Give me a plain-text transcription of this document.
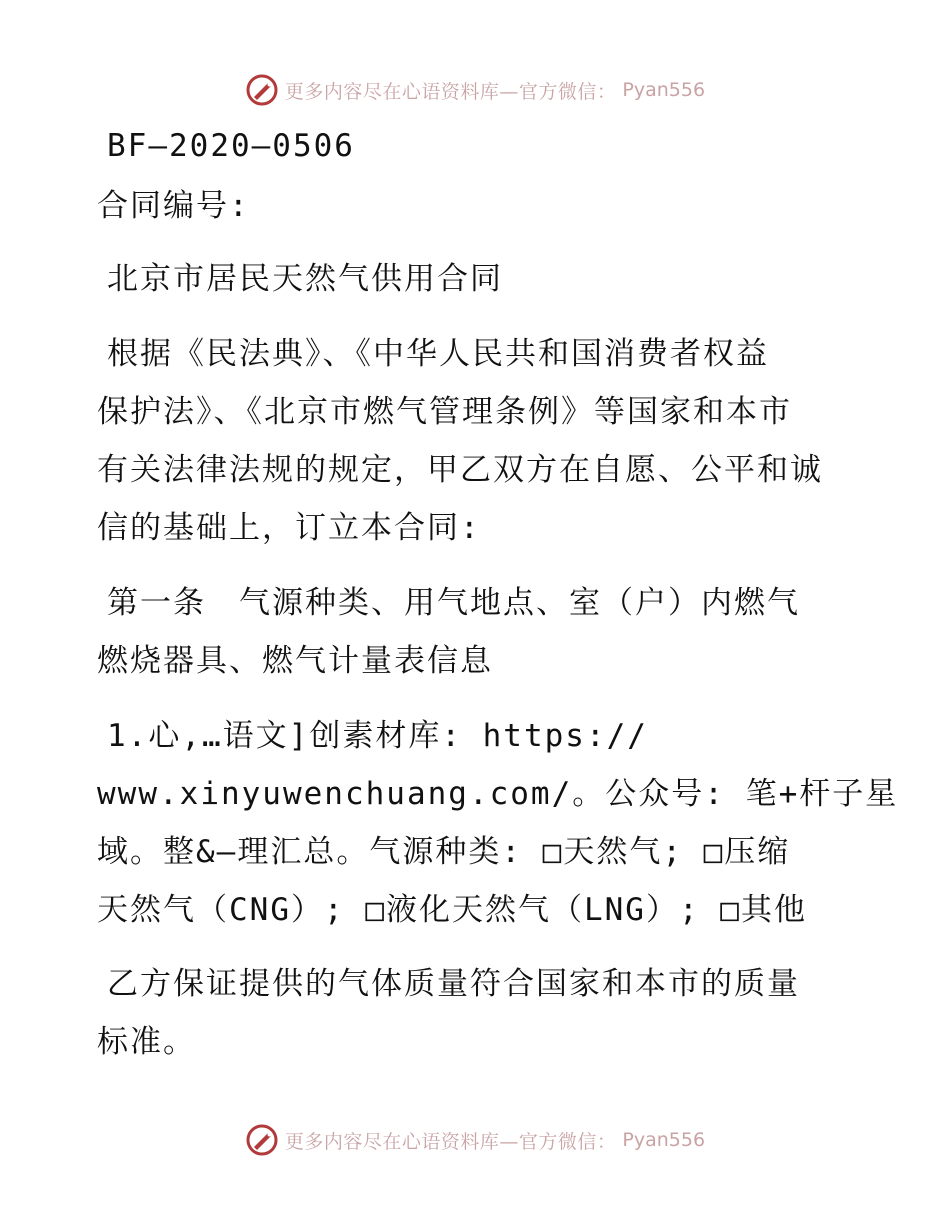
更多内容尽在心语资料库—官方微信： Pyan556
BF—2020—0506
合同编号:
北京市居民天然气供用合同
根据《民法典》、《中华人民共和国消费者权益
保护法》、《北京市燃气管理条例》等国家和本市
有关法律法规的规定，甲乙双方在自愿、公平和诚
信的基础上，订立本合同:
第一条　气源种类、用气地点、室（户）内燃气
燃烧器具、燃气计量表信息
1.心,…语文]创素材库: https://
www.xinyuwenchuang.com/。公众号: 笔+杆子星
域。整&—理汇总。气源种类: □天然气; □压缩
天然气（CNG）; □液化天然气（LNG）; □其他
乙方保证提供的气体质量符合国家和本市的质量
标准。
更多内容尽在心语资料库—官方微信： Pyan556
